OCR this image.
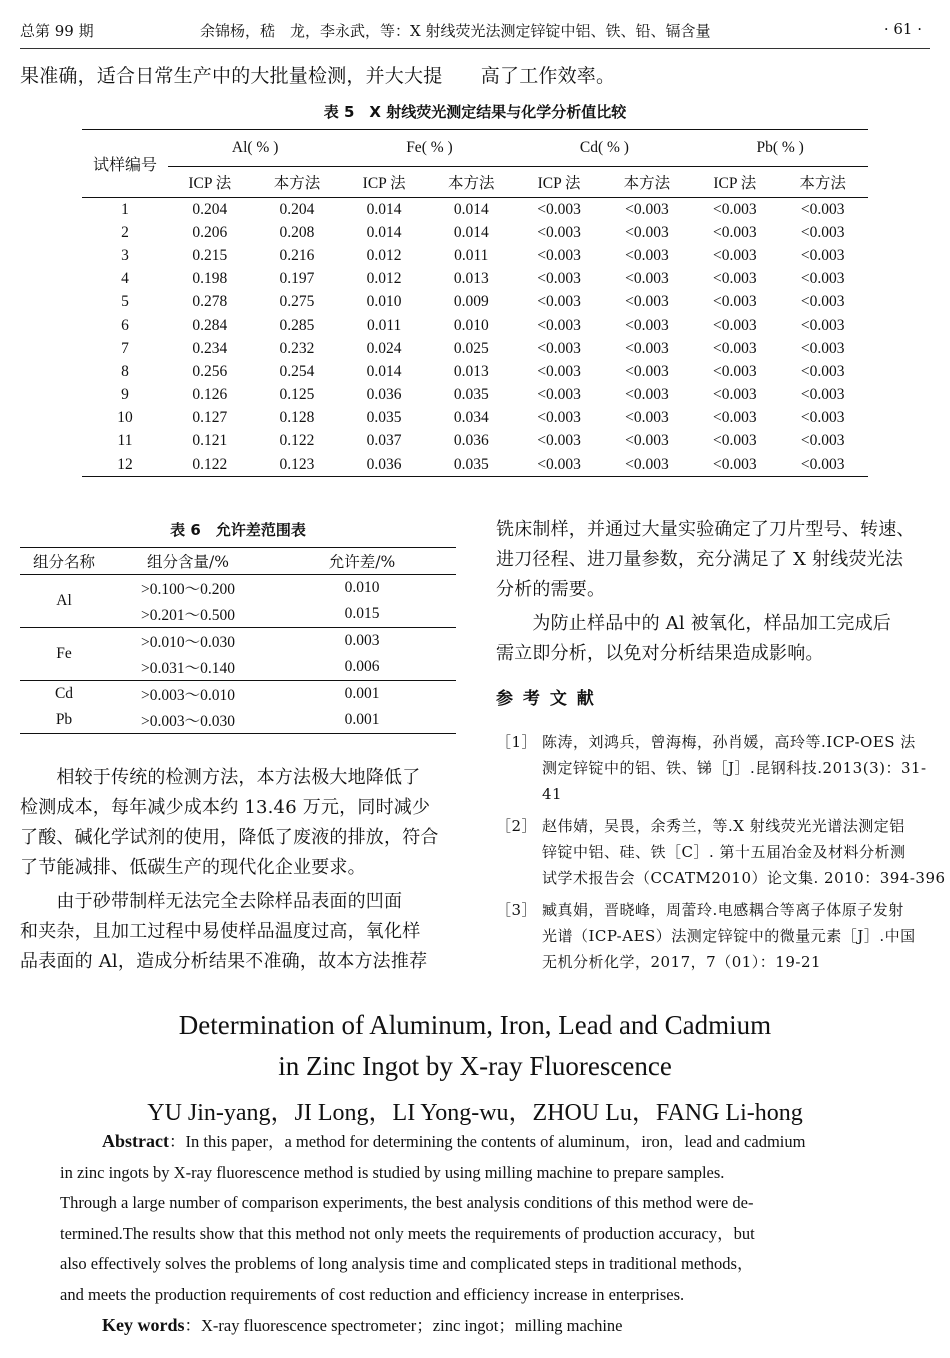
总第 99 期	余锦杨，嵇　龙，李永武，等：X 射线荧光法测定锌锭中铝、铁、铅、镉含量	· 61 ·
果准确，适合日常生产中的大批量检测，并大大提　　高了工作效率。
表 5　X 射线荧光测定结果与化学分析值比较
试样编号	Al( % )		Fe( % )		Cd( % )		Pb( % )	
	ICP 法	本方法	ICP 法	本方法	ICP 法	本方法	ICP 法	本方法
1	0.204	0.204	0.014	0.014	<0.003	<0.003	<0.003	<0.003
2	0.206	0.208	0.014	0.014	<0.003	<0.003	<0.003	<0.003
3	0.215	0.216	0.012	0.011	<0.003	<0.003	<0.003	<0.003
4	0.198	0.197	0.012	0.013	<0.003	<0.003	<0.003	<0.003
5	0.278	0.275	0.010	0.009	<0.003	<0.003	<0.003	<0.003
6	0.284	0.285	0.011	0.010	<0.003	<0.003	<0.003	<0.003
7	0.234	0.232	0.024	0.025	<0.003	<0.003	<0.003	<0.003
8	0.256	0.254	0.014	0.013	<0.003	<0.003	<0.003	<0.003
9	0.126	0.125	0.036	0.035	<0.003	<0.003	<0.003	<0.003
10	0.127	0.128	0.035	0.034	<0.003	<0.003	<0.003	<0.003
11	0.121	0.122	0.037	0.036	<0.003	<0.003	<0.003	<0.003
12	0.122	0.123	0.036	0.035	<0.003	<0.003	<0.003	<0.003
表 6　允许差范围表
组分名称	组分含量/%	允许差/%
Al	>0.100～0.200	0.010
	>0.201～0.500	0.015
Fe	>0.010～0.030	0.003
	>0.031～0.140	0.006
Cd	>0.003～0.010	0.001
Pb	>0.003～0.030	0.001
　　相较于传统的检测方法，本方法极大地降低了
检测成本，每年减少成本约 13.46 万元，同时减少
了酸、碱化学试剂的使用，降低了废液的排放，符合
了节能减排、低碳生产的现代化企业要求。
　　由于砂带制样无法完全去除样品表面的凹面
和夹杂，且加工过程中易使样品温度过高，氧化样
品表面的 Al，造成分析结果不准确，故本方法推荐
铣床制样，并通过大量实验确定了刀片型号、转速、
进刀径程、进刀量参数，充分满足了 X 射线荧光法
分析的需要。
　　为防止样品中的 Al 被氧化，样品加工完成后
需立即分析，以免对分析结果造成影响。
参 考 文 献
［1］ 陈涛，刘鸿兵，曾海梅，孙肖媛，高玲等.ICP-OES 法
测定锌锭中的铝、铁、锑［J］.昆钢科技.2013(3)：31-
41
［2］ 赵伟婧，吴畏，余秀兰，等.X 射线荧光光谱法测定铝
锌锭中铝、硅、铁［C］. 第十五届冶金及材料分析测
试学术报告会（CCATM2010）论文集. 2010：394-396
［3］ 臧真娟，晋晓峰，周蕾玲.电感耦合等离子体原子发射
光谱（ICP-AES）法测定锌锭中的微量元素［J］.中国
无机分析化学，2017，7（01）：19-21
Determination of Aluminum, Iron, Lead and Cadmium
in Zinc Ingot by X-ray Fluorescence
YU Jin-yang，JI Long，LI Yong-wu，ZHOU Lu，FANG Li-hong
Abstract：In this paper，a method for determining the contents of aluminum，iron，lead and cadmium
in zinc ingots by X-ray fluorescence method is studied by using milling machine to prepare samples.
Through a large number of comparison experiments, the best analysis conditions of this method were de-
termined.The results show that this method not only meets the requirements of production accuracy，but
also effectively solves the problems of long analysis time and complicated steps in traditional methods，
and meets the production requirements of cost reduction and efficiency increase in enterprises.
Key words：X-ray fluorescence spectrometer；zinc ingot；milling machine
